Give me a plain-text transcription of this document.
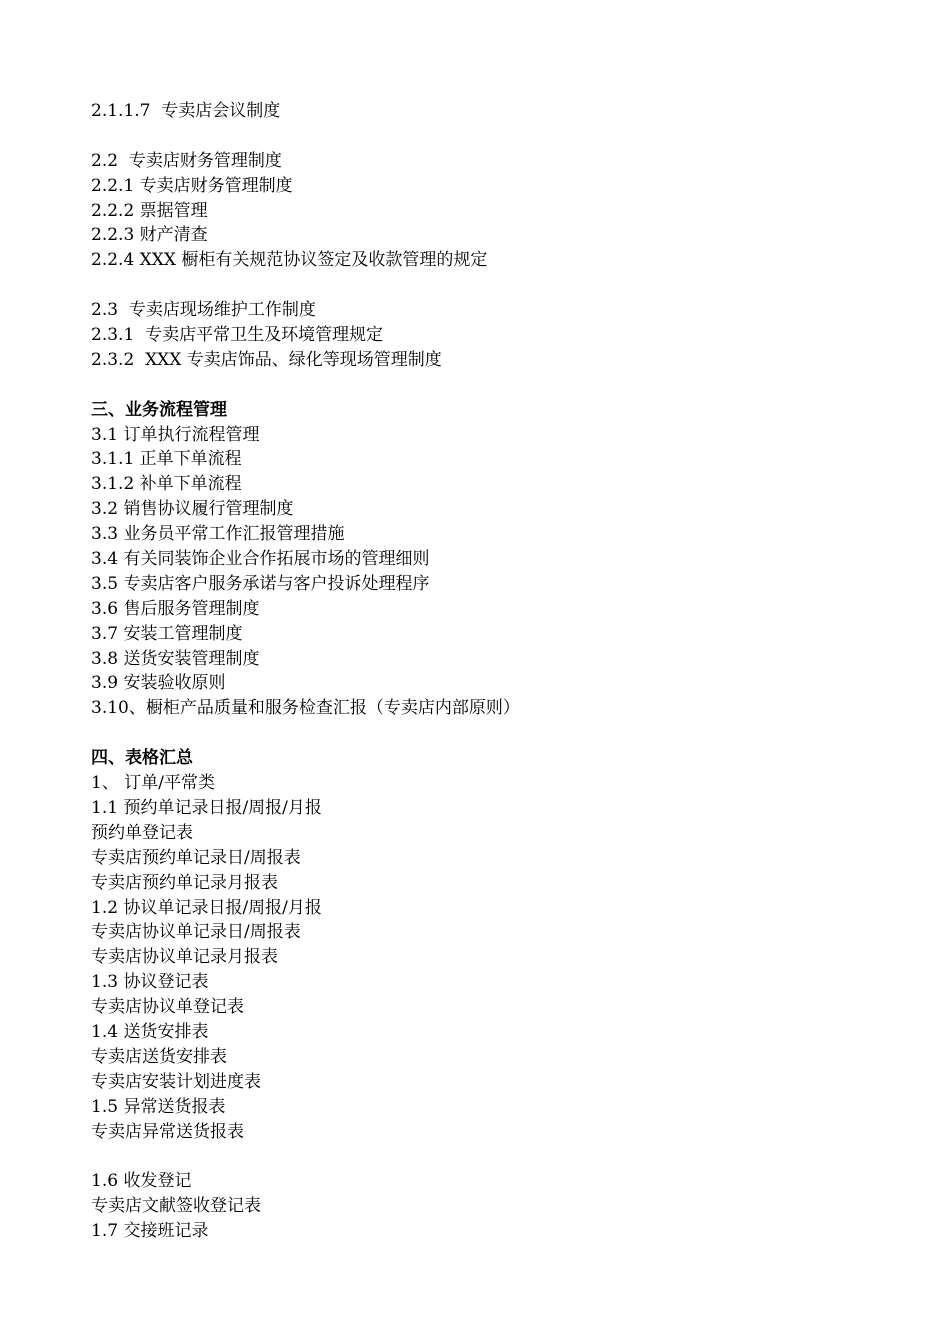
2.1.1.7  专卖店会议制度

2.2  专卖店财务管理制度

2.2.1 专卖店财务管理制度

2.2.2 票据管理

2.2.3 财产清查

2.2.4 XXX 橱柜有关规范协议签定及收款管理的规定

2.3  专卖店现场维护工作制度

2.3.1  专卖店平常卫生及环境管理规定

2.3.2  XXX 专卖店饰品、绿化等现场管理制度

三、业务流程管理

3.1 订单执行流程管理

3.1.1 正单下单流程

3.1.2 补单下单流程

3.2 销售协议履行管理制度

3.3 业务员平常工作汇报管理措施

3.4 有关同装饰企业合作拓展市场的管理细则

3.5 专卖店客户服务承诺与客户投诉处理程序

3.6 售后服务管理制度

3.7 安装工管理制度

3.8 送货安装管理制度

3.9 安装验收原则

3.10、橱柜产品质量和服务检查汇报（专卖店内部原则）

四、表格汇总

1、 订单/平常类

1.1 预约单记录日报/周报/月报

预约单登记表

专卖店预约单记录日/周报表

专卖店预约单记录月报表

1.2 协议单记录日报/周报/月报

专卖店协议单记录日/周报表

专卖店协议单记录月报表

1.3 协议登记表

专卖店协议单登记表

1.4 送货安排表

专卖店送货安排表

专卖店安装计划进度表

1.5 异常送货报表

专卖店异常送货报表

1.6 收发登记

专卖店文献签收登记表

1.7 交接班记录
